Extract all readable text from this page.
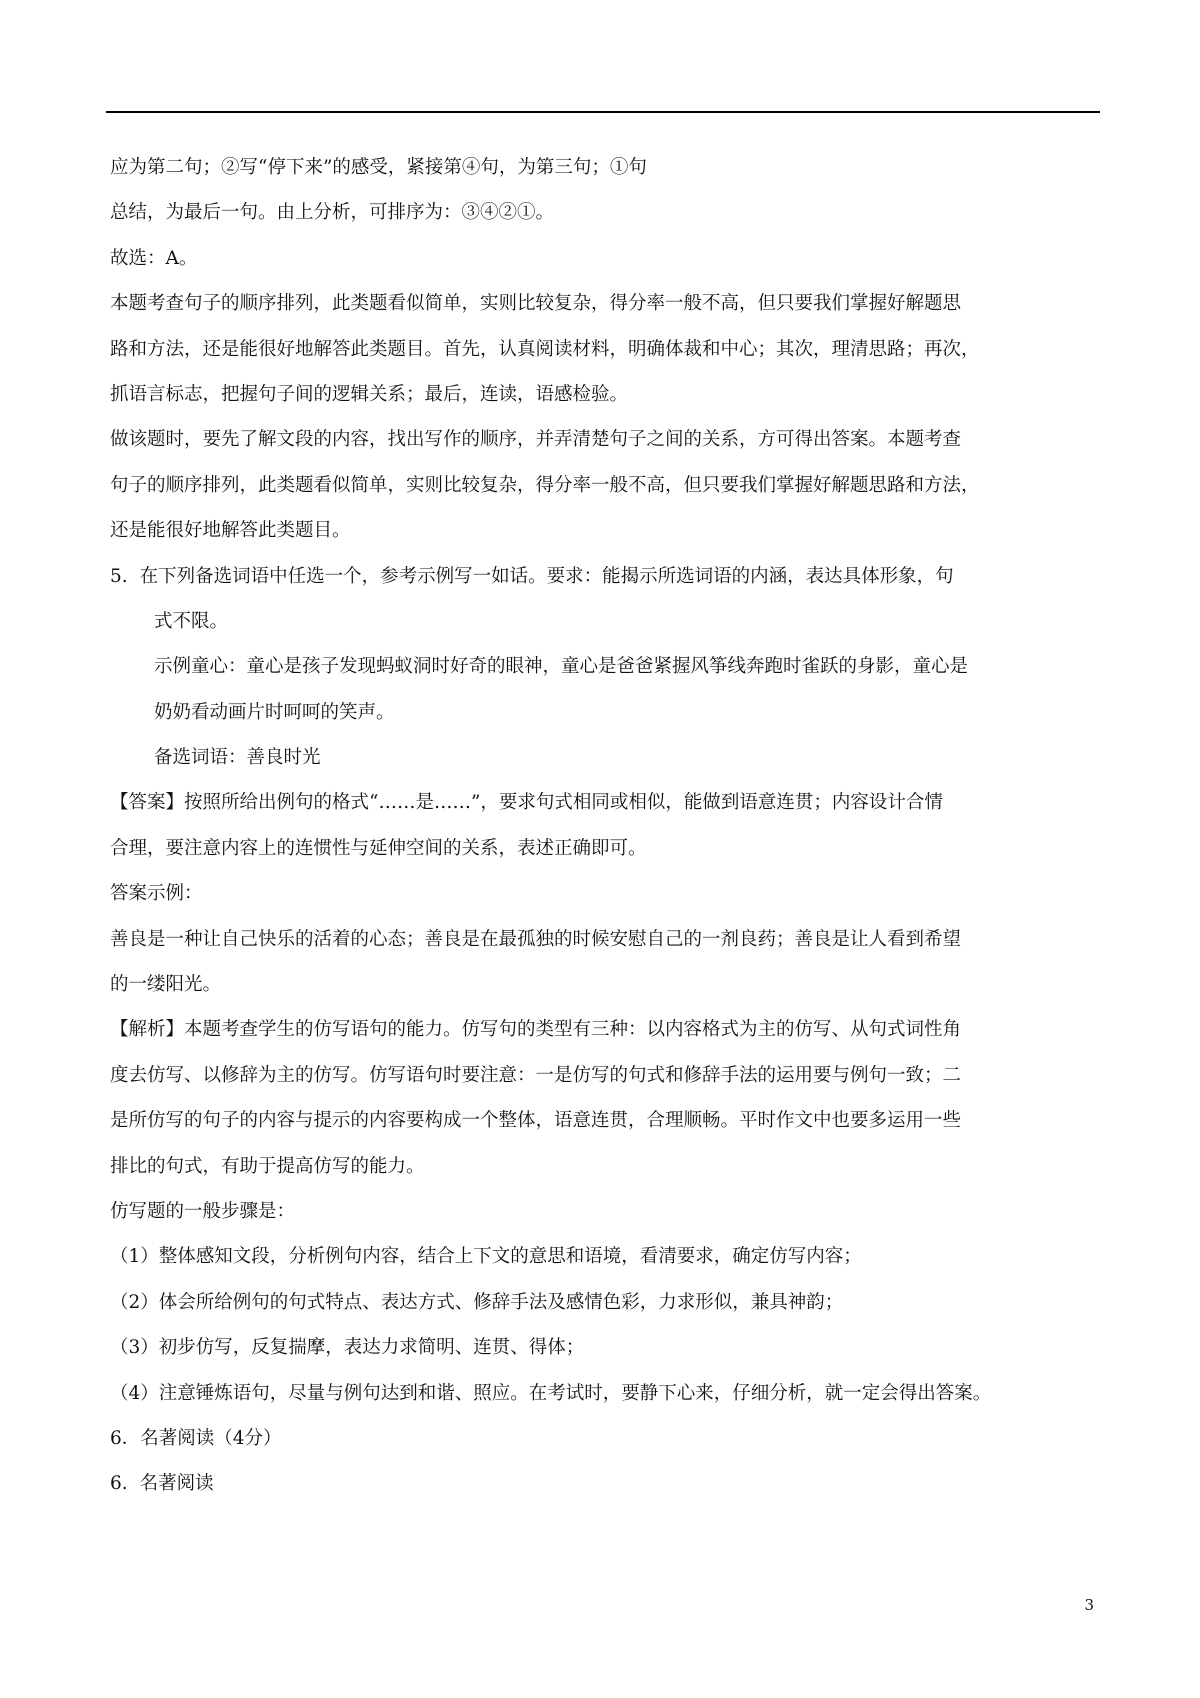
应为第二句；②写“停下来”的感受，紧接第④句，为第三句；①句
总结，为最后一句。由上分析，可排序为：③④②①。
故选：A。
本题考查句子的顺序排列，此类题看似简单，实则比较复杂，得分率一般不高，但只要我们掌握好解题思
路和方法，还是能很好地解答此类题目。首先，认真阅读材料，明确体裁和中心；其次，理清思路；再次，
抓语言标志，把握句子间的逻辑关系；最后，连读，语感检验。
做该题时，要先了解文段的内容，找出写作的顺序，并弄清楚句子之间的关系，方可得出答案。本题考查
句子的顺序排列，此类题看似简单，实则比较复杂，得分率一般不高，但只要我们掌握好解题思路和方法，
还是能很好地解答此类题目。
5. 在下列备选词语中任选一个，参考示例写一如话。要求：能揭示所选词语的内涵，表达具体形象，句
式不限。
示例童心：童心是孩子发现蚂蚁洞时好奇的眼神，童心是爸爸紧握风筝线奔跑时雀跃的身影，童心是
奶奶看动画片时呵呵的笑声。
备选词语：善良时光
【答案】按照所给出例句的格式“……是……”，要求句式相同或相似，能做到语意连贯；内容设计合情
合理，要注意内容上的连惯性与延伸空间的关系，表述正确即可。
答案示例：
善良是一种让自己快乐的活着的心态；善良是在最孤独的时候安慰自己的一剂良药；善良是让人看到希望
的一缕阳光。
【解析】本题考查学生的仿写语句的能力。仿写句的类型有三种：以内容格式为主的仿写、从句式词性角
度去仿写、以修辞为主的仿写。仿写语句时要注意：一是仿写的句式和修辞手法的运用要与例句一致；二
是所仿写的句子的内容与提示的内容要构成一个整体，语意连贯，合理顺畅。平时作文中也要多运用一些
排比的句式，有助于提高仿写的能力。
仿写题的一般步骤是：
（1）整体感知文段，分析例句内容，结合上下文的意思和语境，看清要求，确定仿写内容；
（2）体会所给例句的句式特点、表达方式、修辞手法及感情色彩，力求形似，兼具神韵；
（3）初步仿写，反复揣摩，表达力求简明、连贯、得体；
（4）注意锤炼语句，尽量与例句达到和谐、照应。在考试时，要静下心来，仔细分析，就一定会得出答案。
6．名著阅读（4分）
6. 名著阅读
3
